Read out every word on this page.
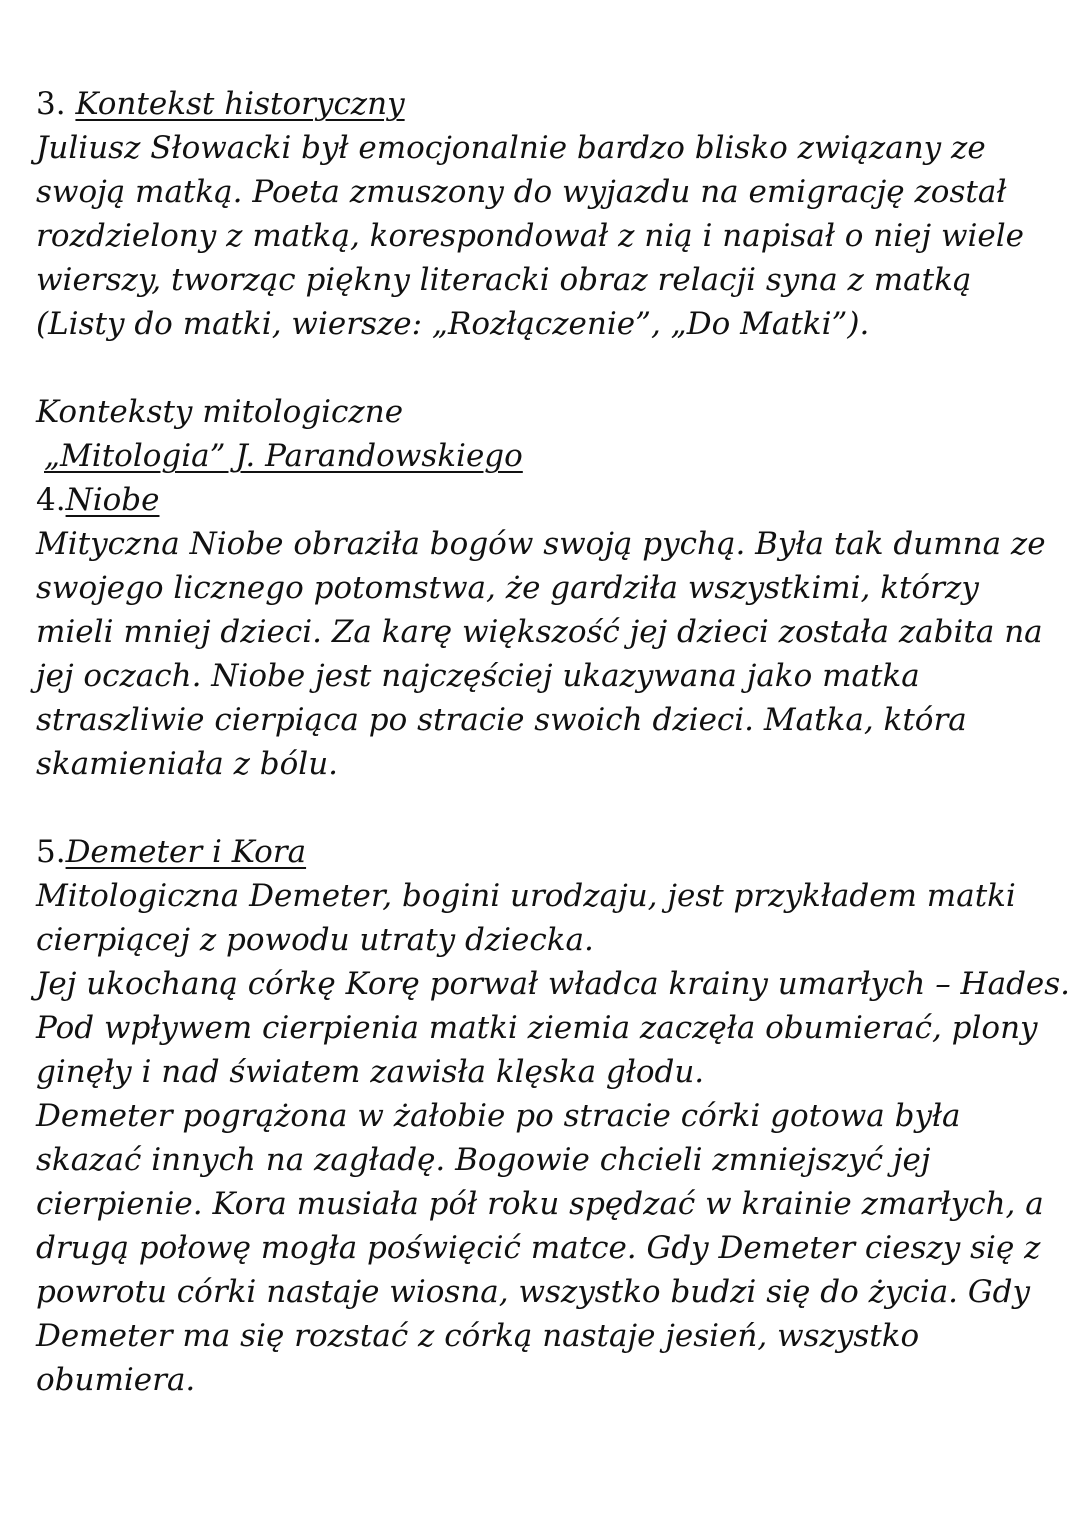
3. Kontekst historyczny
Juliusz Słowacki był emocjonalnie bardzo blisko związany ze
swoją matką. Poeta zmuszony do wyjazdu na emigrację został
rozdzielony z matką, korespondował z nią i napisał o niej wiele
wierszy, tworząc piękny literacki obraz relacji syna z matką
(Listy do matki, wiersze: „Rozłączenie”, „Do Matki”).
Konteksty mitologiczne
„Mitologia” J. Parandowskiego
4.Niobe
Mityczna Niobe obraziła bogów swoją pychą. Była tak dumna ze
swojego licznego potomstwa, że gardziła wszystkimi, którzy
mieli mniej dzieci. Za karę większość jej dzieci została zabita na
jej oczach. Niobe jest najczęściej ukazywana jako matka
straszliwie cierpiąca po stracie swoich dzieci. Matka, która
skamieniała z bólu.
5.Demeter i Kora
Mitologiczna Demeter, bogini urodzaju, jest przykładem matki
cierpiącej z powodu utraty dziecka.
Jej ukochaną córkę Korę porwał władca krainy umarłych – Hades.
Pod wpływem cierpienia matki ziemia zaczęła obumierać, plony
ginęły i nad światem zawisła klęska głodu.
Demeter pogrążona w żałobie po stracie córki gotowa była
skazać innych na zagładę. Bogowie chcieli zmniejszyć jej
cierpienie. Kora musiała pół roku spędzać w krainie zmarłych, a
drugą połowę mogła poświęcić matce. Gdy Demeter cieszy się z
powrotu córki nastaje wiosna, wszystko budzi się do życia. Gdy
Demeter ma się rozstać z córką nastaje jesień, wszystko
obumiera.
